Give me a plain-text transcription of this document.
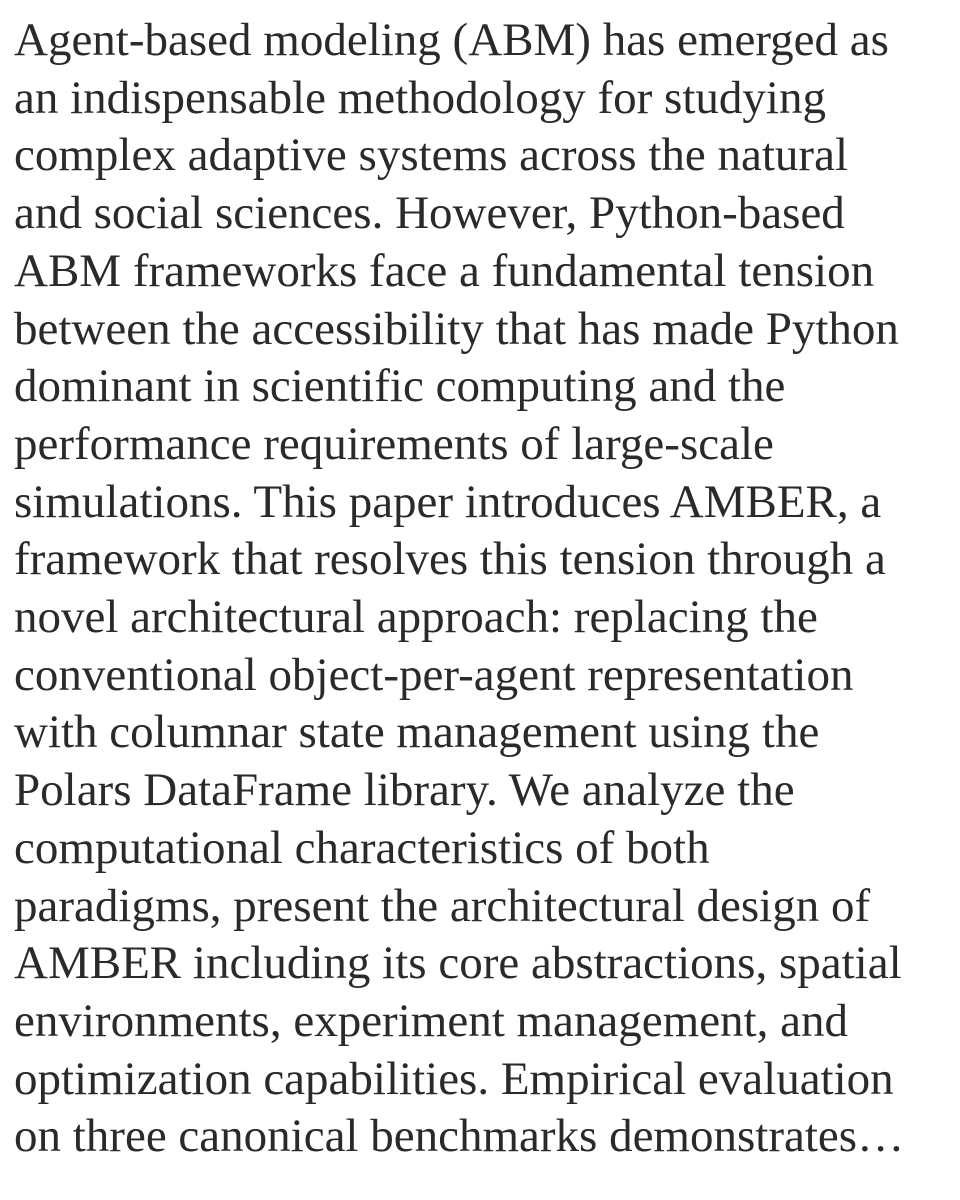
Agent-based modeling (ABM) has emerged as
an indispensable methodology for studying
complex adaptive systems across the natural
and social sciences. However, Python-based
ABM frameworks face a fundamental tension
between the accessibility that has made Python
dominant in scientific computing and the
performance requirements of large-scale
simulations. This paper introduces AMBER, a
framework that resolves this tension through a
novel architectural approach: replacing the
conventional object-per-agent representation
with columnar state management using the
Polars DataFrame library. We analyze the
computational characteristics of both
paradigms, present the architectural design of
AMBER including its core abstractions, spatial
environments, experiment management, and
optimization capabilities. Empirical evaluation
on three canonical benchmarks demonstrates…
